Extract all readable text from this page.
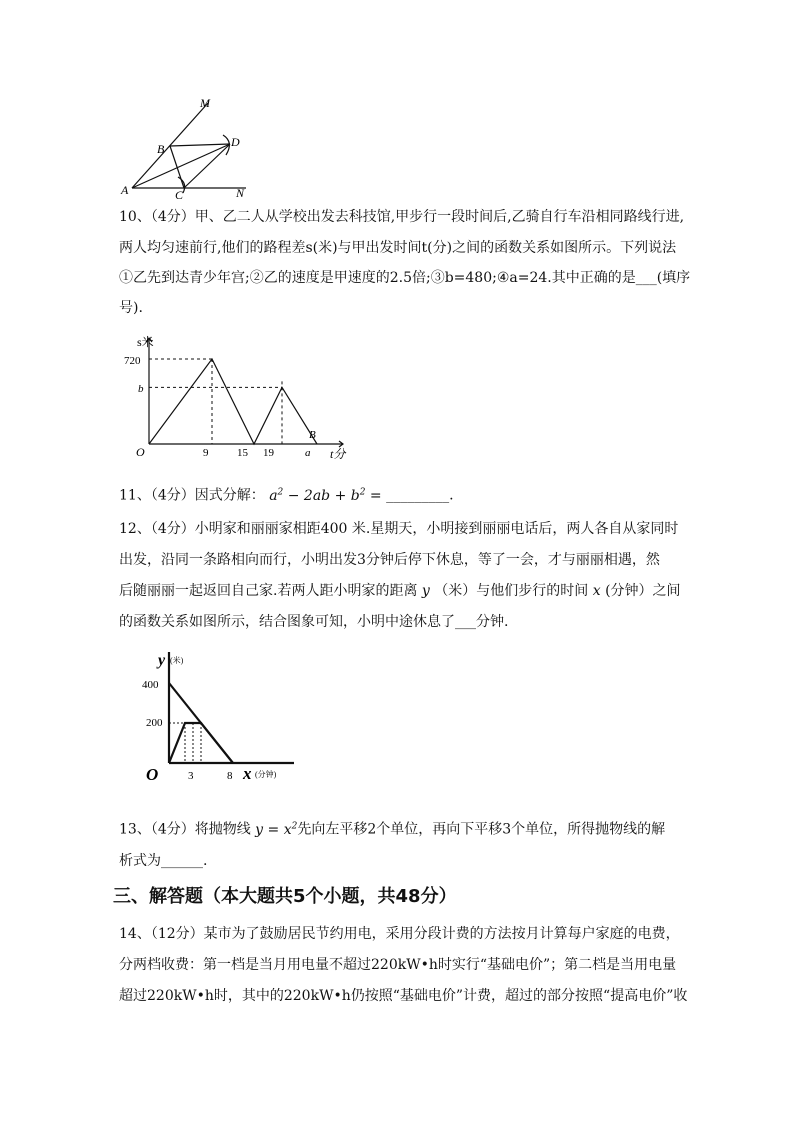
M
B	D
A	C	N
10、（4分）甲、乙二人从学校出发去科技馆,甲步行一段时间后,乙骑自行车沿相同路线行进,
两人均匀速前行,他们的路程差s(米)与甲出发时间t(分)之间的函数关系如图所示。下列说法
①乙先到达青少年宫;②乙的速度是甲速度的2.5倍;③b=480;④a=24.其中正确的是___(填序
号).
s米
t分
O
720
b
9	15 19	a
B
11、（4分）因式分解： $a^2 - 2ab + b^2$ = _________.
12、（4分）小明家和丽丽家相距400 米.星期天，小明接到丽丽电话后，两人各自从家同时
出发，沿同一条路相向而行，小明出发3分钟后停下休息，等了一会，才与丽丽相遇，然
后随丽丽一起返回自己家.若两人距小明家的距离 y （米）与他们步行的时间 x (分钟）之间
的函数关系如图所示，结合图象可知，小明中途休息了___分钟.
y (米)
x (分钟)
O
400
200
3	8
13、（4分）将抛物线 $y = x^2$先向左平移2个单位，再向下平移3个单位，所得抛物线的解
析式为______.
三、解答题（本大题共5个小题，共48分）
14、（12分）某市为了鼓励居民节约用电，采用分段计费的方法按月计算每户家庭的电费，
分两档收费：第一档是当月用电量不超过220kW•h时实行“基础电价”；第二档是当用电量
超过220kW•h时，其中的220kW•h仍按照“基础电价”计费，超过的部分按照“提高电价”收
